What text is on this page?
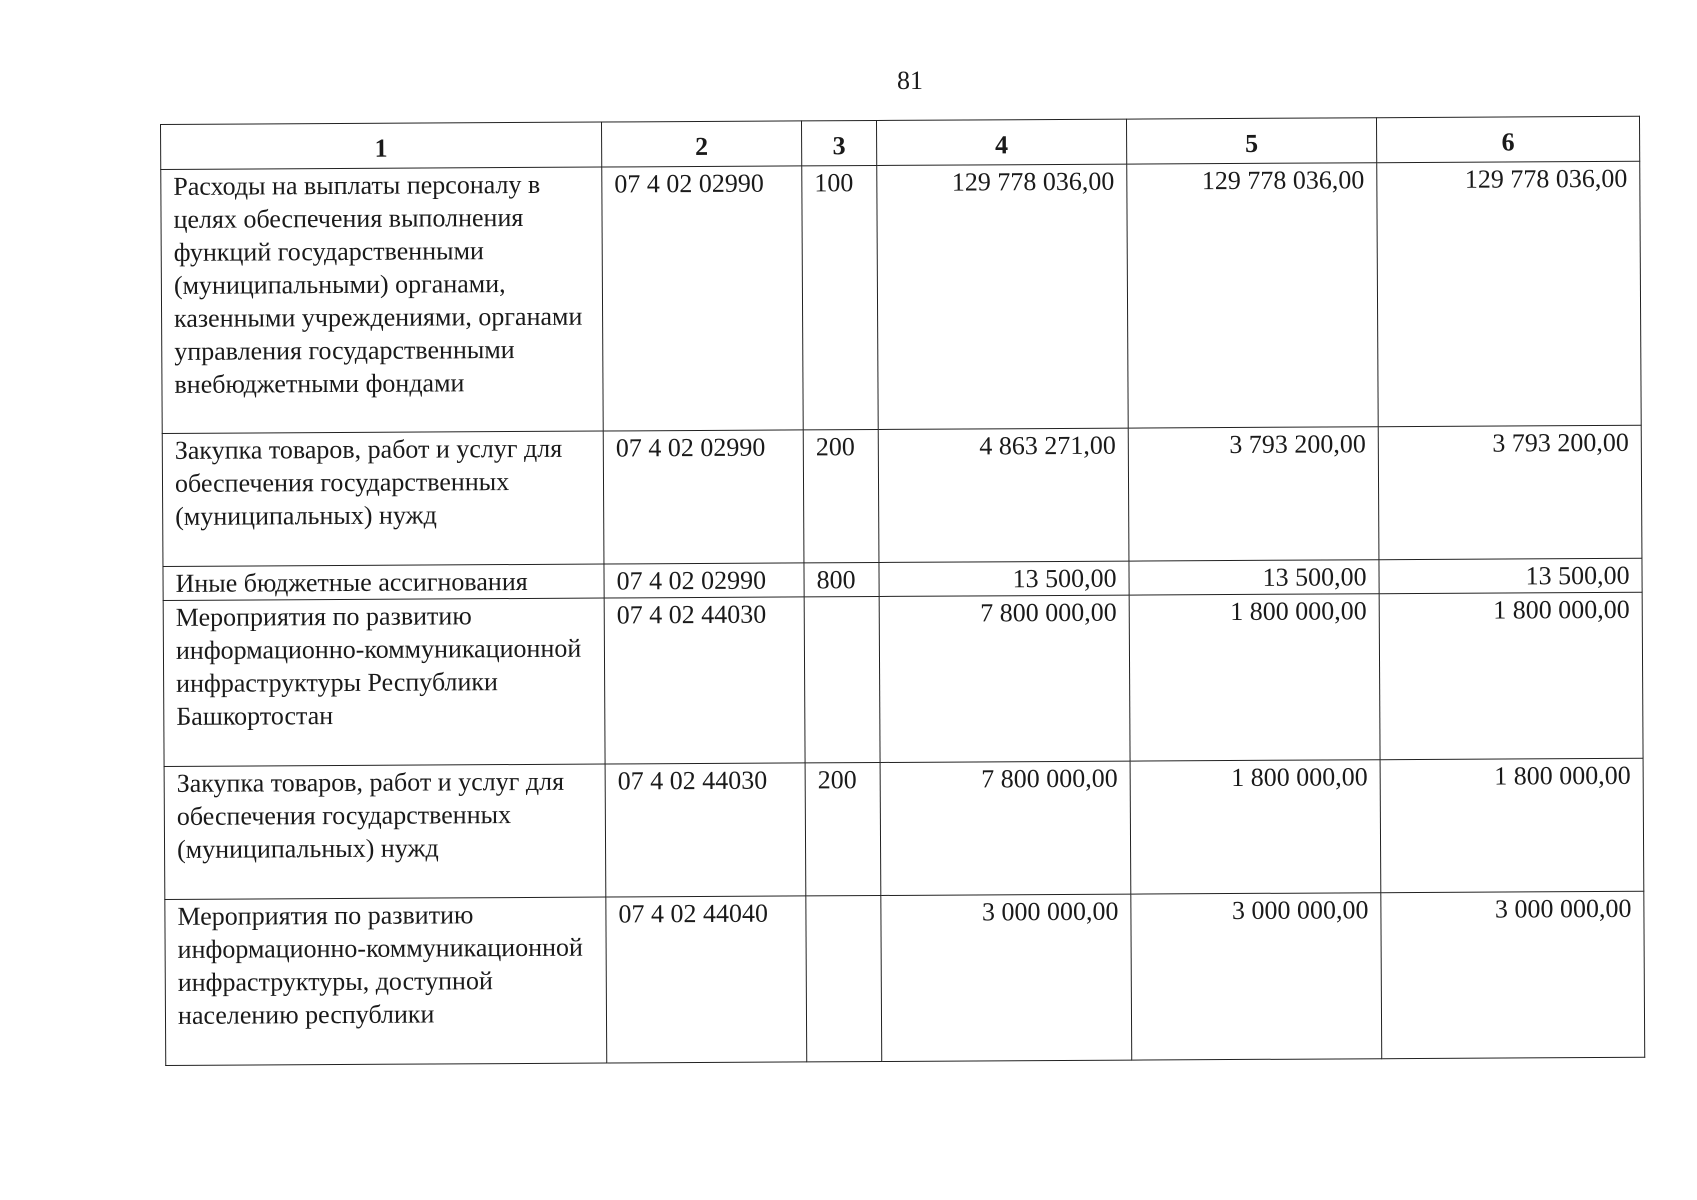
81
1	2	3	4	5	6
Расходы на выплаты персоналу в целях обеспечения выполнения функций государственными (муниципальными) органами, казенными учреждениями, органами управления государственными внебюджетными фондами	07 4 02 02990	100	129 778 036,00	129 778 036,00	129 778 036,00
Закупка товаров, работ и услуг для обеспечения государственных (муниципальных) нужд	07 4 02 02990	200	4 863 271,00	3 793 200,00	3 793 200,00
Иные бюджетные ассигнования	07 4 02 02990	800	13 500,00	13 500,00	13 500,00
Мероприятия по развитию информационно-коммуникационной инфраструктуры Республики Башкортостан	07 4 02 44030		7 800 000,00	1 800 000,00	1 800 000,00
Закупка товаров, работ и услуг для обеспечения государственных (муниципальных) нужд	07 4 02 44030	200	7 800 000,00	1 800 000,00	1 800 000,00
Мероприятия по развитию информационно-коммуникационной инфраструктуры, доступной населению республики	07 4 02 44040		3 000 000,00	3 000 000,00	3 000 000,00
